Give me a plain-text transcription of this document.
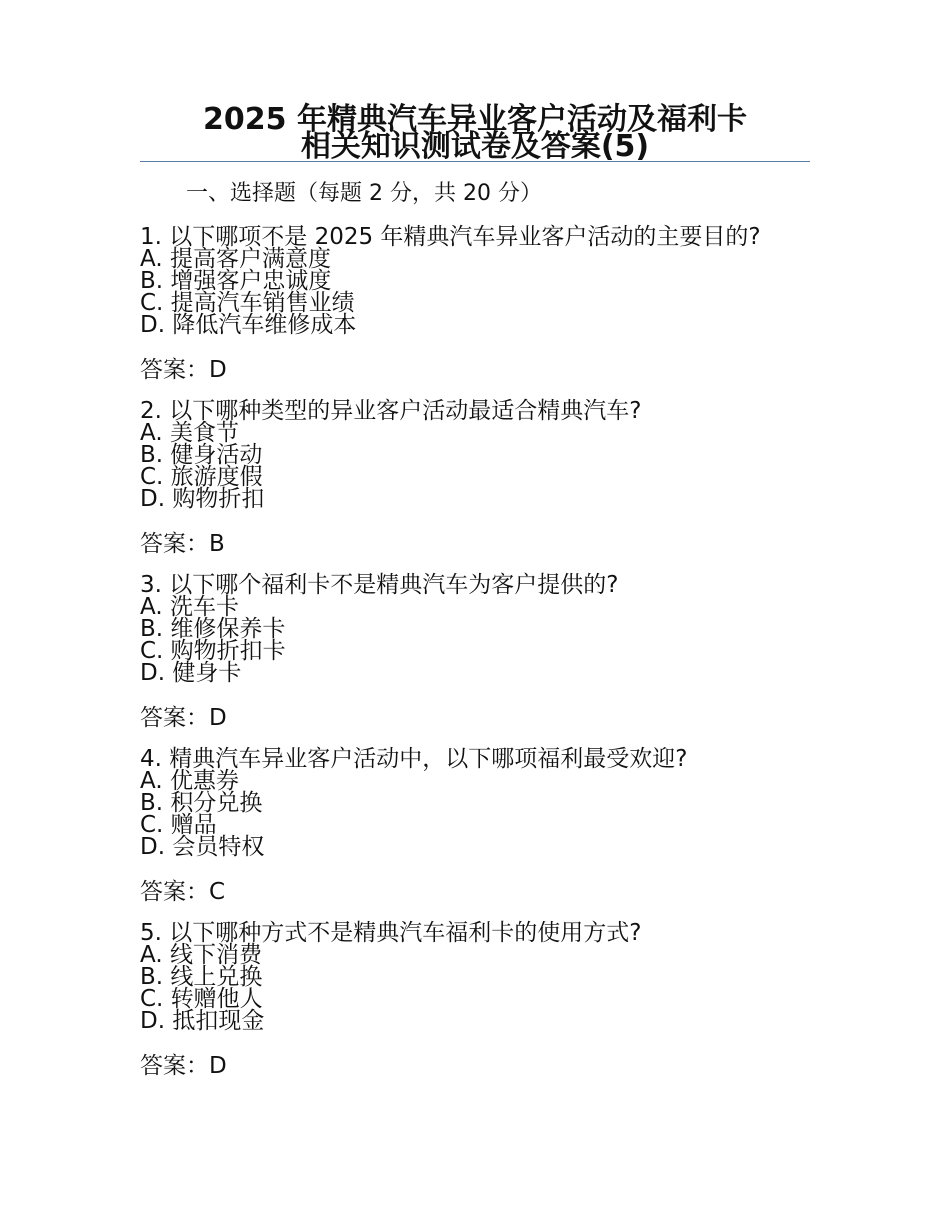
2025 年精典汽车异业客户活动及福利卡
相关知识测试卷及答案(5)
一、选择题（每题 2 分，共 20 分）
1. 以下哪项不是 2025 年精典汽车异业客户活动的主要目的?
A. 提高客户满意度
B. 增强客户忠诚度
C. 提高汽车销售业绩
D. 降低汽车维修成本
答案：D
2. 以下哪种类型的异业客户活动最适合精典汽车?
A. 美食节
B. 健身活动
C. 旅游度假
D. 购物折扣
答案：B
3. 以下哪个福利卡不是精典汽车为客户提供的?
A. 洗车卡
B. 维修保养卡
C. 购物折扣卡
D. 健身卡
答案：D
4. 精典汽车异业客户活动中，以下哪项福利最受欢迎?
A. 优惠券
B. 积分兑换
C. 赠品
D. 会员特权
答案：C
5. 以下哪种方式不是精典汽车福利卡的使用方式?
A. 线下消费
B. 线上兑换
C. 转赠他人
D. 抵扣现金
答案：D
